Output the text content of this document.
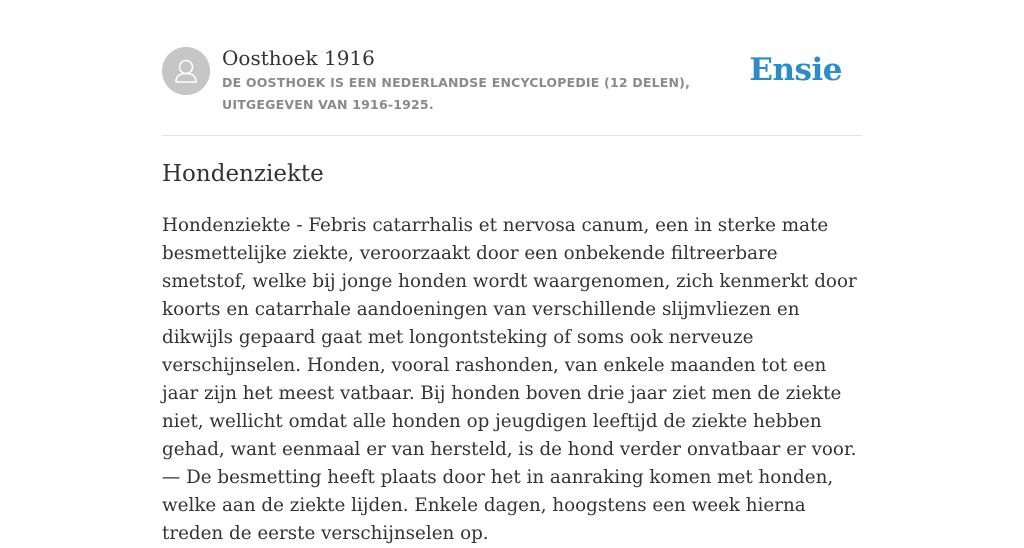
Oosthoek 1916
DE OOSTHOEK IS EEN NEDERLANDSE ENCYCLOPEDIE (12 DELEN), UITGEGEVEN VAN 1916-1925.
Ensie
Hondenziekte

Hondenziekte - Febris catarrhalis et nervosa canum, een in sterke mate besmettelijke ziekte, veroorzaakt door een onbekende filtreerbare smetstof, welke bij jonge honden wordt waargenomen, zich kenmerkt door koorts en catarrhale aandoeningen van verschillende slijmvliezen en dikwijls gepaard gaat met longontsteking of soms ook nerveuze verschijnselen. Honden, vooral rashonden, van enkele maanden tot een jaar zijn het meest vatbaar. Bij honden boven drie jaar ziet men de ziekte niet, wellicht omdat alle honden op jeugdigen leeftijd de ziekte hebben gehad, want eenmaal er van hersteld, is de hond verder onvatbaar er voor. — De besmetting heeft plaats door het in aanraking komen met honden, welke aan de ziekte lijden. Enkele dagen, hoogstens een week hierna treden de eerste verschijnselen op.
